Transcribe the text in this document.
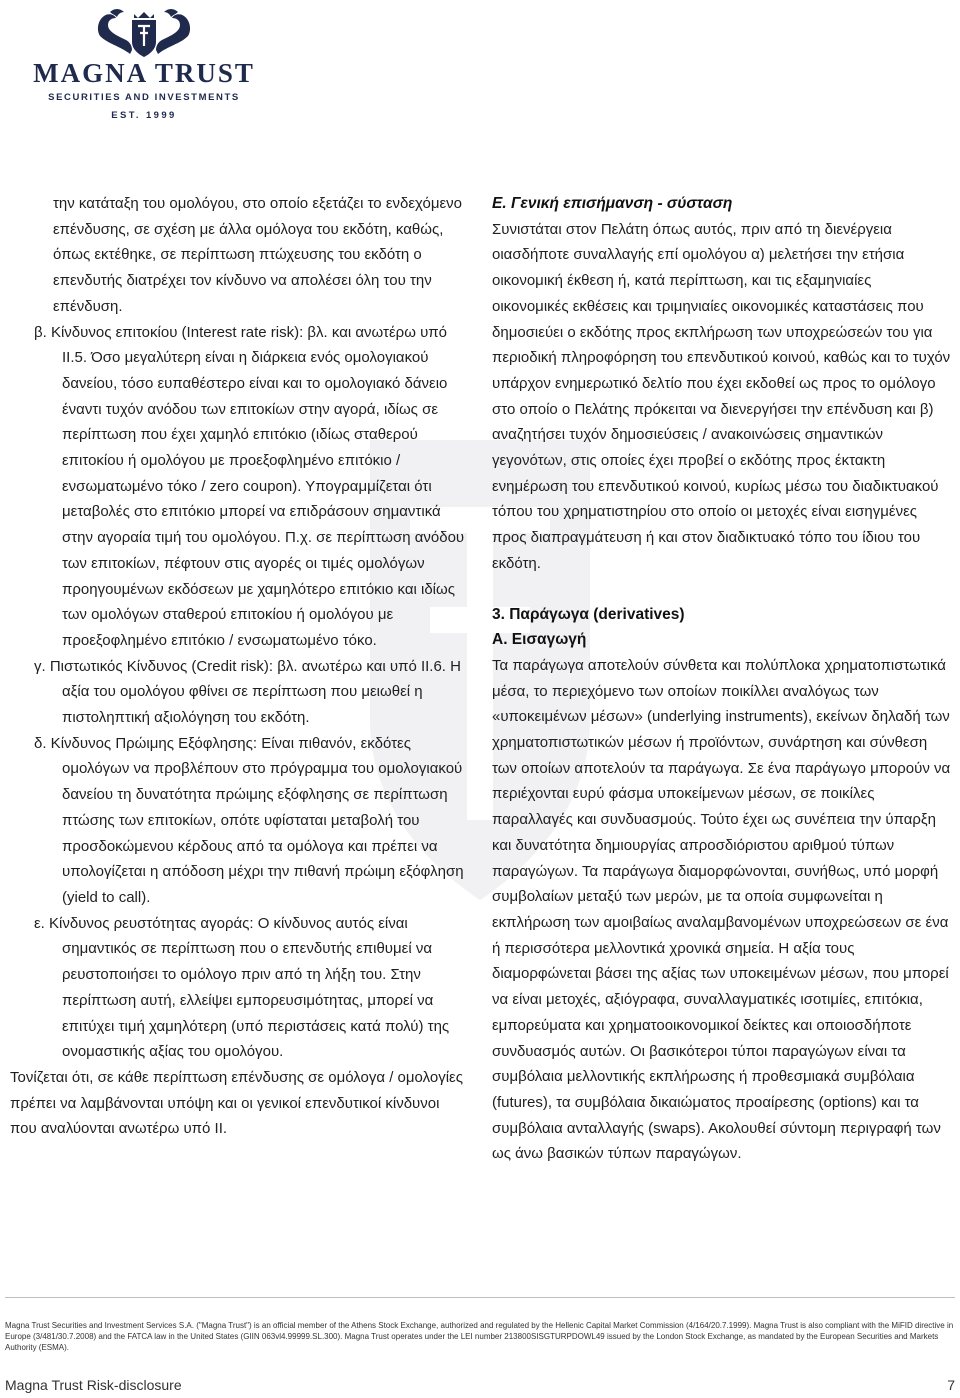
MAGNA TRUST
SECURITIES AND INVESTMENTS
EST. 1999

την κατάταξη του ομολόγου, στο οποίο εξετάζει το ενδεχόμενο επένδυσης, σε σχέση με άλλα ομόλογα του εκδότη, καθώς, όπως εκτέθηκε, σε περίπτωση πτώχευσης του εκδότη ο επενδυτής διατρέχει τον κίνδυνο να απολέσει όλη του την επένδυση.

β. Κίνδυνος επιτοκίου (Interest rate risk): βλ. και ανωτέρω υπό ΙΙ.5. Όσο μεγαλύτερη είναι η διάρκεια ενός ομολογιακού δανείου, τόσο ευπαθέστερο είναι και το ομολογιακό δάνειο έναντι τυχόν ανόδου των επιτοκίων στην αγορά, ιδίως σε περίπτωση που έχει χαμηλό επιτόκιο (ιδίως σταθερού επιτοκίου ή ομολόγου με προεξοφλημένο επιτόκιο / ενσωματωμένο τόκο / zero coupon). Υπογραμμίζεται ότι μεταβολές στο επιτόκιο μπορεί να επιδράσουν σημαντικά στην αγοραία τιμή του ομολόγου. Π.χ. σε περίπτωση ανόδου των επιτοκίων, πέφτουν στις αγορές οι τιμές ομολόγων προηγουμένων εκδόσεων με χαμηλότερο επιτόκιο και ιδίως των ομολόγων σταθερού επιτοκίου ή ομολόγου με προεξοφλημένο επιτόκιο / ενσωματωμένο τόκο.

γ. Πιστωτικός Κίνδυνος (Credit risk): βλ. ανωτέρω και υπό ΙΙ.6. Η αξία του ομολόγου φθίνει σε περίπτωση που μειωθεί η πιστοληπτική αξιολόγηση του εκδότη.

δ. Κίνδυνος Πρώιμης Εξόφλησης: Είναι πιθανόν, εκδότες ομολόγων να προβλέπουν στο πρόγραμμα του ομολογιακού δανείου τη δυνατότητα πρώιμης εξόφλησης σε περίπτωση πτώσης των επιτοκίων, οπότε υφίσταται μεταβολή του προσδοκώμενου κέρδους από τα ομόλογα και πρέπει να υπολογίζεται η απόδοση μέχρι την πιθανή πρώιμη εξόφληση (yield to call).

ε. Κίνδυνος ρευστότητας αγοράς: Ο κίνδυνος αυτός είναι σημαντικός σε περίπτωση που ο επενδυτής επιθυμεί να ρευστοποιήσει το ομόλογο πριν από τη λήξη του. Στην περίπτωση αυτή, ελλείψει εμπορευσιμότητας, μπορεί να επιτύχει τιμή χαμηλότερη (υπό περιστάσεις κατά πολύ) της ονομαστικής αξίας του ομολόγου.

Τονίζεται ότι, σε κάθε περίπτωση επένδυσης σε ομόλογα / ομολογίες πρέπει να λαμβάνονται υπόψη και οι γενικοί επενδυτικοί κίνδυνοι που αναλύονται ανωτέρω υπό ΙΙ.

Ε. Γενική επισήμανση - σύσταση

Συνιστάται στον Πελάτη όπως αυτός, πριν από τη διενέργεια οιασδήποτε συναλλαγής επί ομολόγου α) μελετήσει την ετήσια οικονομική έκθεση ή, κατά περίπτωση, και τις εξαμηνιαίες οικονομικές εκθέσεις και τριμηνιαίες οικονομικές καταστάσεις που δημοσιεύει ο εκδότης προς εκπλήρωση των υποχρεώσεών του για περιοδική πληροφόρηση του επενδυτικού κοινού, καθώς και το τυχόν υπάρχον ενημερωτικό δελτίο που έχει εκδοθεί ως προς το ομόλογο στο οποίο ο Πελάτης πρόκειται να διενεργήσει την επένδυση και β) αναζητήσει τυχόν δημοσιεύσεις / ανακοινώσεις σημαντικών γεγονότων, στις οποίες έχει προβεί ο εκδότης προς έκτακτη ενημέρωση του επενδυτικού κοινού, κυρίως μέσω του διαδικτυακού τόπου του χρηματιστηρίου στο οποίο οι μετοχές είναι εισηγμένες προς διαπραγμάτευση ή και στον διαδικτυακό τόπο του ίδιου του εκδότη.

3. Παράγωγα (derivatives)
Α. Εισαγωγή

Τα παράγωγα αποτελούν σύνθετα και πολύπλοκα χρηματοπιστωτικά μέσα, το περιεχόμενο των οποίων ποικίλλει αναλόγως των «υποκειμένων μέσων» (underlying instruments), εκείνων δηλαδή των χρηματοπιστωτικών μέσων ή προϊόντων, συνάρτηση και σύνθεση των οποίων αποτελούν τα παράγωγα. Σε ένα παράγωγο μπορούν να περιέχονται ευρύ φάσμα υποκείμενων μέσων, σε ποικίλες παραλλαγές και συνδυασμούς. Τούτο έχει ως συνέπεια την ύπαρξη και δυνατότητα δημιουργίας απροσδιόριστου αριθμού τύπων παραγώγων. Τα παράγωγα διαμορφώνονται, συνήθως, υπό μορφή συμβολαίων μεταξύ των μερών, με τα οποία συμφωνείται η εκπλήρωση των αμοιβαίως αναλαμβανομένων υποχρεώσεων σε ένα ή περισσότερα μελλοντικά χρονικά σημεία. Η αξία τους διαμορφώνεται βάσει της αξίας των υποκειμένων μέσων, που μπορεί να είναι μετοχές, αξιόγραφα, συναλλαγματικές ισοτιμίες, επιτόκια, εμπορεύματα και χρηματοοικονομικοί δείκτες και οποιοσδήποτε συνδυασμός αυτών. Οι βασικότεροι τύποι παραγώγων είναι τα συμβόλαια μελλοντικής εκπλήρωσης ή προθεσμιακά συμβόλαια (futures), τα συμβόλαια δικαιώματος προαίρεσης (options) και τα συμβόλαια ανταλλαγής (swaps). Ακολουθεί σύντομη περιγραφή των ως άνω βασικών τύπων παραγώγων.

Magna Trust Securities and Investment Services S.A. ("Magna Trust") is an official member of the Athens Stock Exchange, authorized and regulated by the Hellenic Capital Market Commission (4/164/20.7.1999). Magna Trust is also compliant with the MiFID directive in Europe (3/481/30.7.2008) and the FATCA law in the United States (GIIN 063vl4.99999.SL.300). Magna Trust operates under the LEI number 213800SISGTURPDOWL49 issued by the London Stock Exchange, as mandated by the European Securities and Markets Authority (ESMA).
Magna Trust Risk-disclosure	7
